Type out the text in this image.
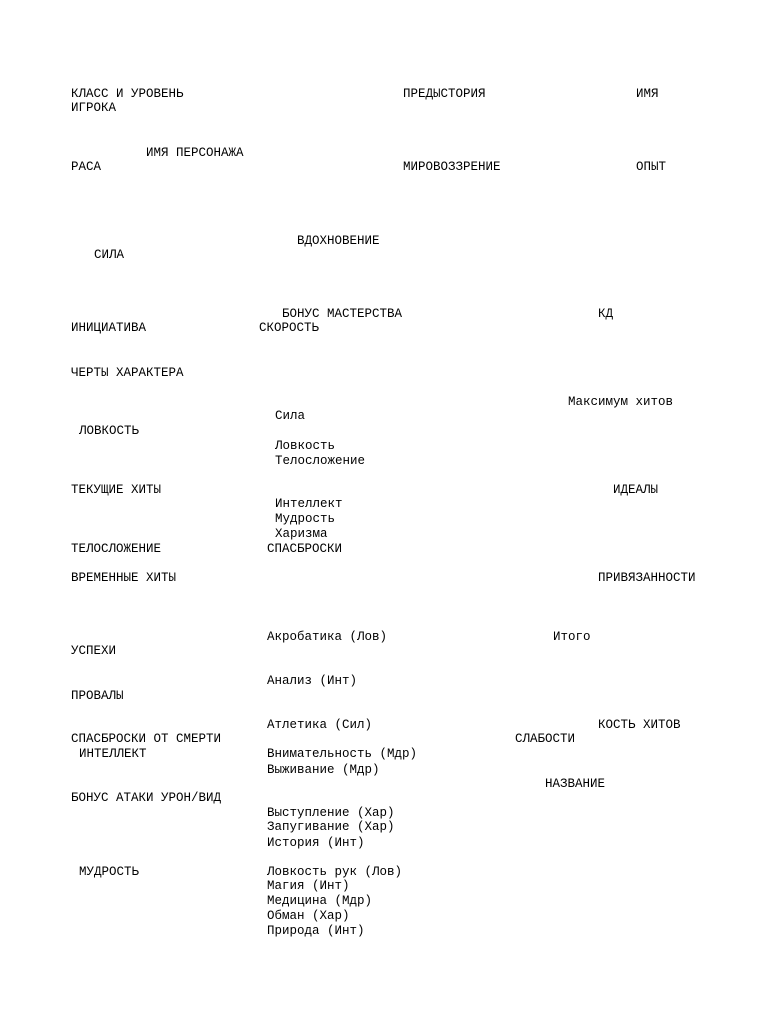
КЛАСС И УРОВЕНЬ	ПРЕДЫСТОРИЯ	ИМЯ
ИГРОКА
ИМЯ ПЕРСОНАЖА
РАСА	МИРОВОЗЗРЕНИЕ	ОПЫТ
ВДОХНОВЕНИЕ
СИЛА
БОНУС МАСТЕРСТВА	КД
ИНИЦИАТИВА	СКОРОСТЬ
ЧЕРТЫ ХАРАКТЕРА
Максимум хитов
Сила
ЛОВКОСТЬ
Ловкость
Телосложение
ТЕКУЩИЕ ХИТЫ	ИДЕАЛЫ
Интеллект
Мудрость
Харизма
ТЕЛОСЛОЖЕНИЕ	СПАСБРОСКИ
ВРЕМЕННЫЕ ХИТЫ	ПРИВЯЗАННОСТИ
Акробатика (Лов)	Итого
УСПЕХИ
Анализ (Инт)
ПРОВАЛЫ
Атлетика (Сил)	КОСТЬ ХИТОВ
СПАСБРОСКИ ОТ СМЕРТИ	СЛАБОСТИ
ИНТЕЛЛЕКТ	Внимательность (Мдр)
Выживание (Мдр)
НАЗВАНИЕ
БОНУС АТАКИ УРОН/ВИД
Выступление (Хар)
Запугивание (Хар)
История (Инт)
МУДРОСТЬ	Ловкость рук (Лов)
Магия (Инт)
Медицина (Мдр)
Обман (Хар)
Природа (Инт)
